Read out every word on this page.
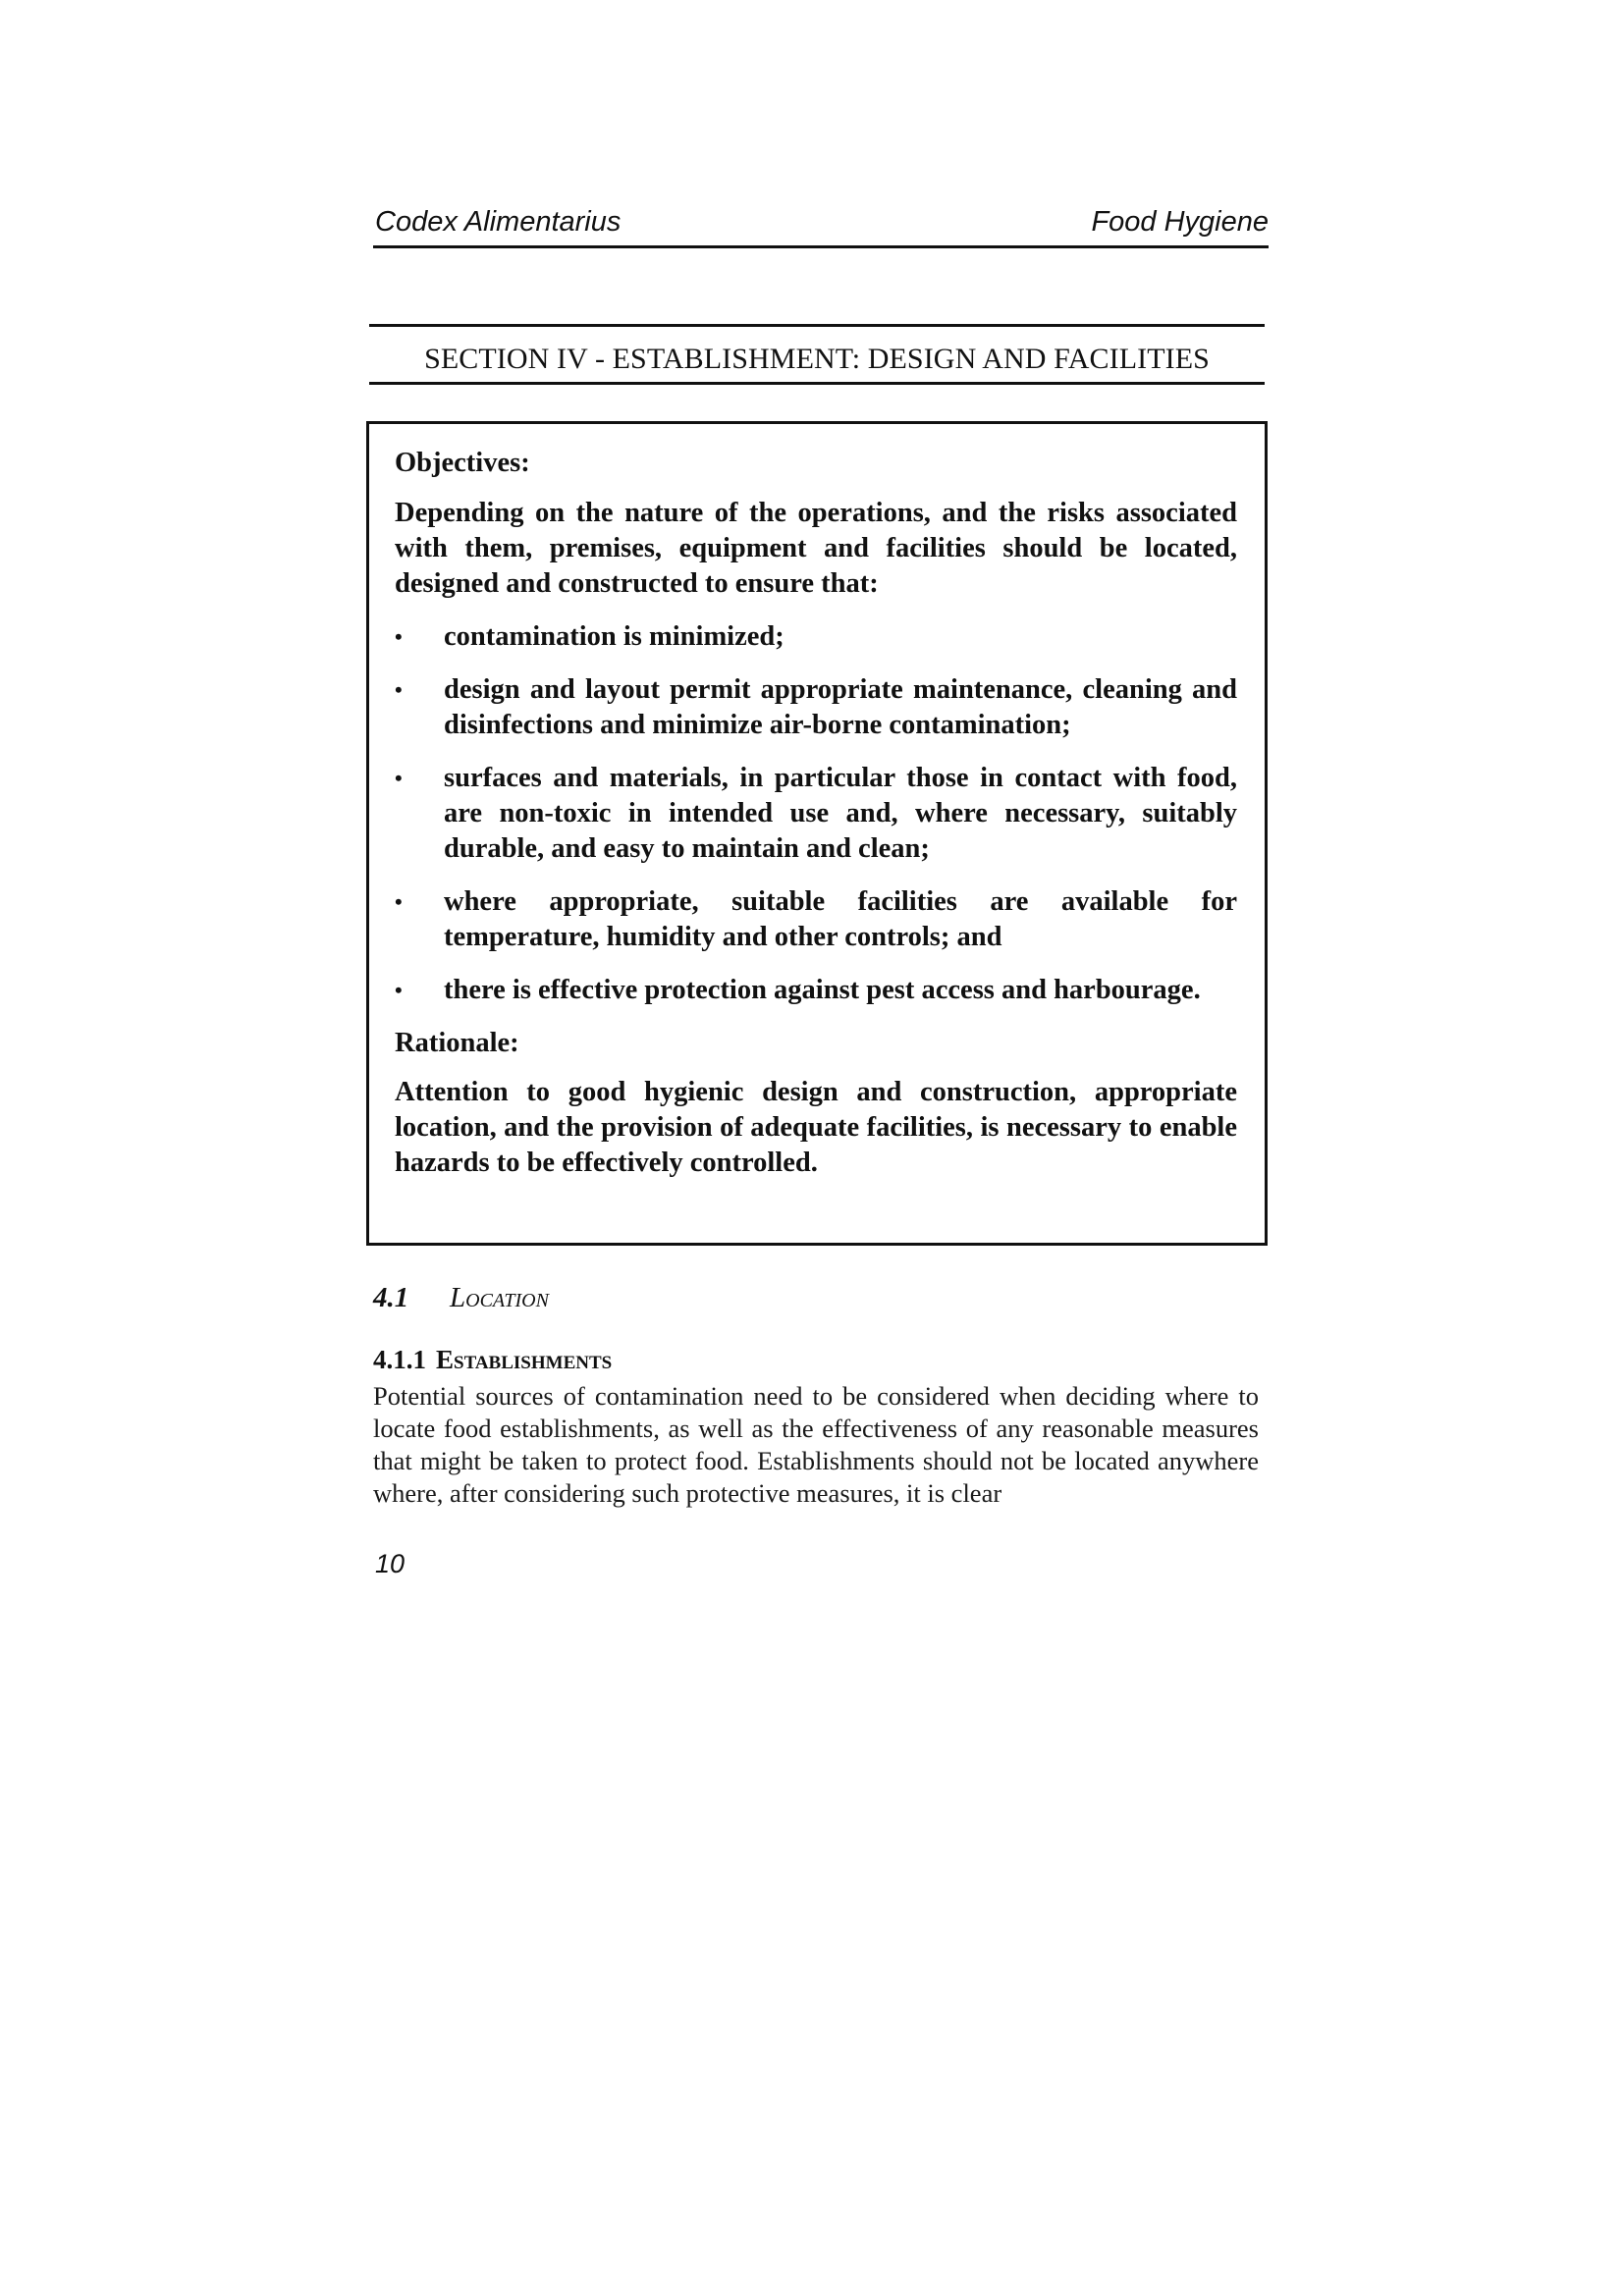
Codex Alimentarius	Food Hygiene
SECTION IV - ESTABLISHMENT: DESIGN AND FACILITIES
Objectives:
Depending on the nature of the operations, and the risks associated with them, premises, equipment and facilities should be located, designed and constructed to ensure that:
• contamination is minimized;
• design and layout permit appropriate maintenance, cleaning and disinfections and minimize air-borne contamination;
• surfaces and materials, in particular those in contact with food, are non-toxic in intended use and, where necessary, suitably durable, and easy to maintain and clean;
• where appropriate, suitable facilities are available for temperature, humidity and other controls; and
• there is effective protection against pest access and harbourage.
Rationale:
Attention to good hygienic design and construction, appropriate location, and the provision of adequate facilities, is necessary to enable hazards to be effectively controlled.
4.1 Location
4.1.1 Establishments

Potential sources of contamination need to be considered when deciding where to locate food establishments, as well as the effectiveness of any reasonable measures that might be taken to protect food. Establishments should not be located anywhere where, after considering such protective measures, it is clear

10
